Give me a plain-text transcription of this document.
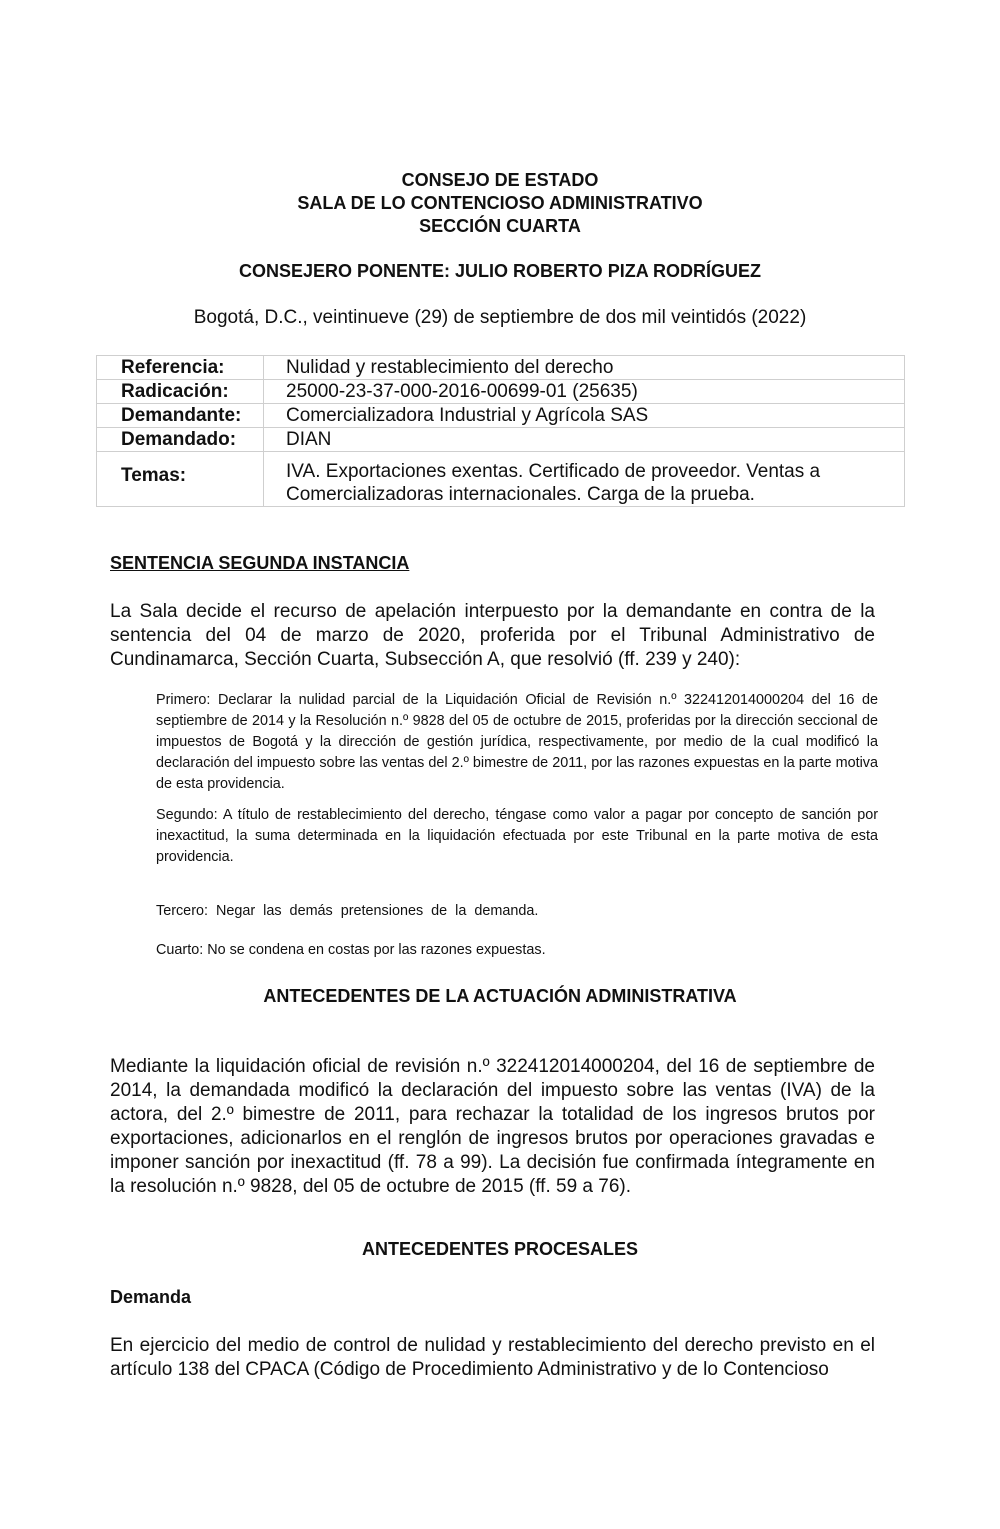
CONSEJO DE ESTADO
SALA DE LO CONTENCIOSO ADMINISTRATIVO
SECCIÓN CUARTA
CONSEJERO PONENTE: JULIO ROBERTO PIZA RODRÍGUEZ
Bogotá, D.C., veintinueve (29) de septiembre de dos mil veintidós (2022)
Referencia:	Nulidad y restablecimiento del derecho
Radicación:	25000-23-37-000-2016-00699-01 (25635)
Demandante:	Comercializadora Industrial y Agrícola SAS
Demandado:	DIAN
Temas:	IVA. Exportaciones exentas. Certificado de proveedor. Ventas a Comercializadoras internacionales. Carga de la prueba.
SENTENCIA SEGUNDA INSTANCIA

La Sala decide el recurso de apelación interpuesto por la demandante en contra de la sentencia del 04 de marzo de 2020, proferida por el Tribunal Administrativo de Cundinamarca, Sección Cuarta, Subsección A, que resolvió (ff. 239 y 240):

Primero: Declarar la nulidad parcial de la Liquidación Oficial de Revisión n.º 322412014000204 del 16 de septiembre de 2014 y la Resolución n.º 9828 del 05 de octubre de 2015, proferidas por la dirección seccional de impuestos de Bogotá y la dirección de gestión jurídica, respectivamente, por medio de la cual modificó la declaración del impuesto sobre las ventas del 2.º bimestre de 2011, por las razones expuestas en la parte motiva de esta providencia.

Segundo: A título de restablecimiento del derecho, téngase como valor a pagar por concepto de sanción por inexactitud, la suma determinada en la liquidación efectuada por este Tribunal en la parte motiva de esta providencia.

Tercero:  Negar  las  demás  pretensiones  de  la  demanda.

Cuarto: No se condena en costas por las razones expuestas.

ANTECEDENTES DE LA ACTUACIÓN ADMINISTRATIVA

Mediante la liquidación oficial de revisión n.º 322412014000204, del 16 de septiembre de 2014, la demandada modificó la declaración del impuesto sobre las ventas (IVA) de la actora, del 2.º bimestre de 2011, para rechazar la totalidad de los ingresos brutos por exportaciones, adicionarlos en el renglón de ingresos brutos por operaciones gravadas e imponer sanción por inexactitud (ff. 78 a 99). La decisión fue confirmada íntegramente en la resolución n.º 9828, del 05 de octubre de 2015 (ff. 59 a 76).

ANTECEDENTES PROCESALES
Demanda

En ejercicio del medio de control de nulidad y restablecimiento del derecho previsto en el artículo 138 del CPACA (Código de Procedimiento Administrativo y de lo Contencioso
